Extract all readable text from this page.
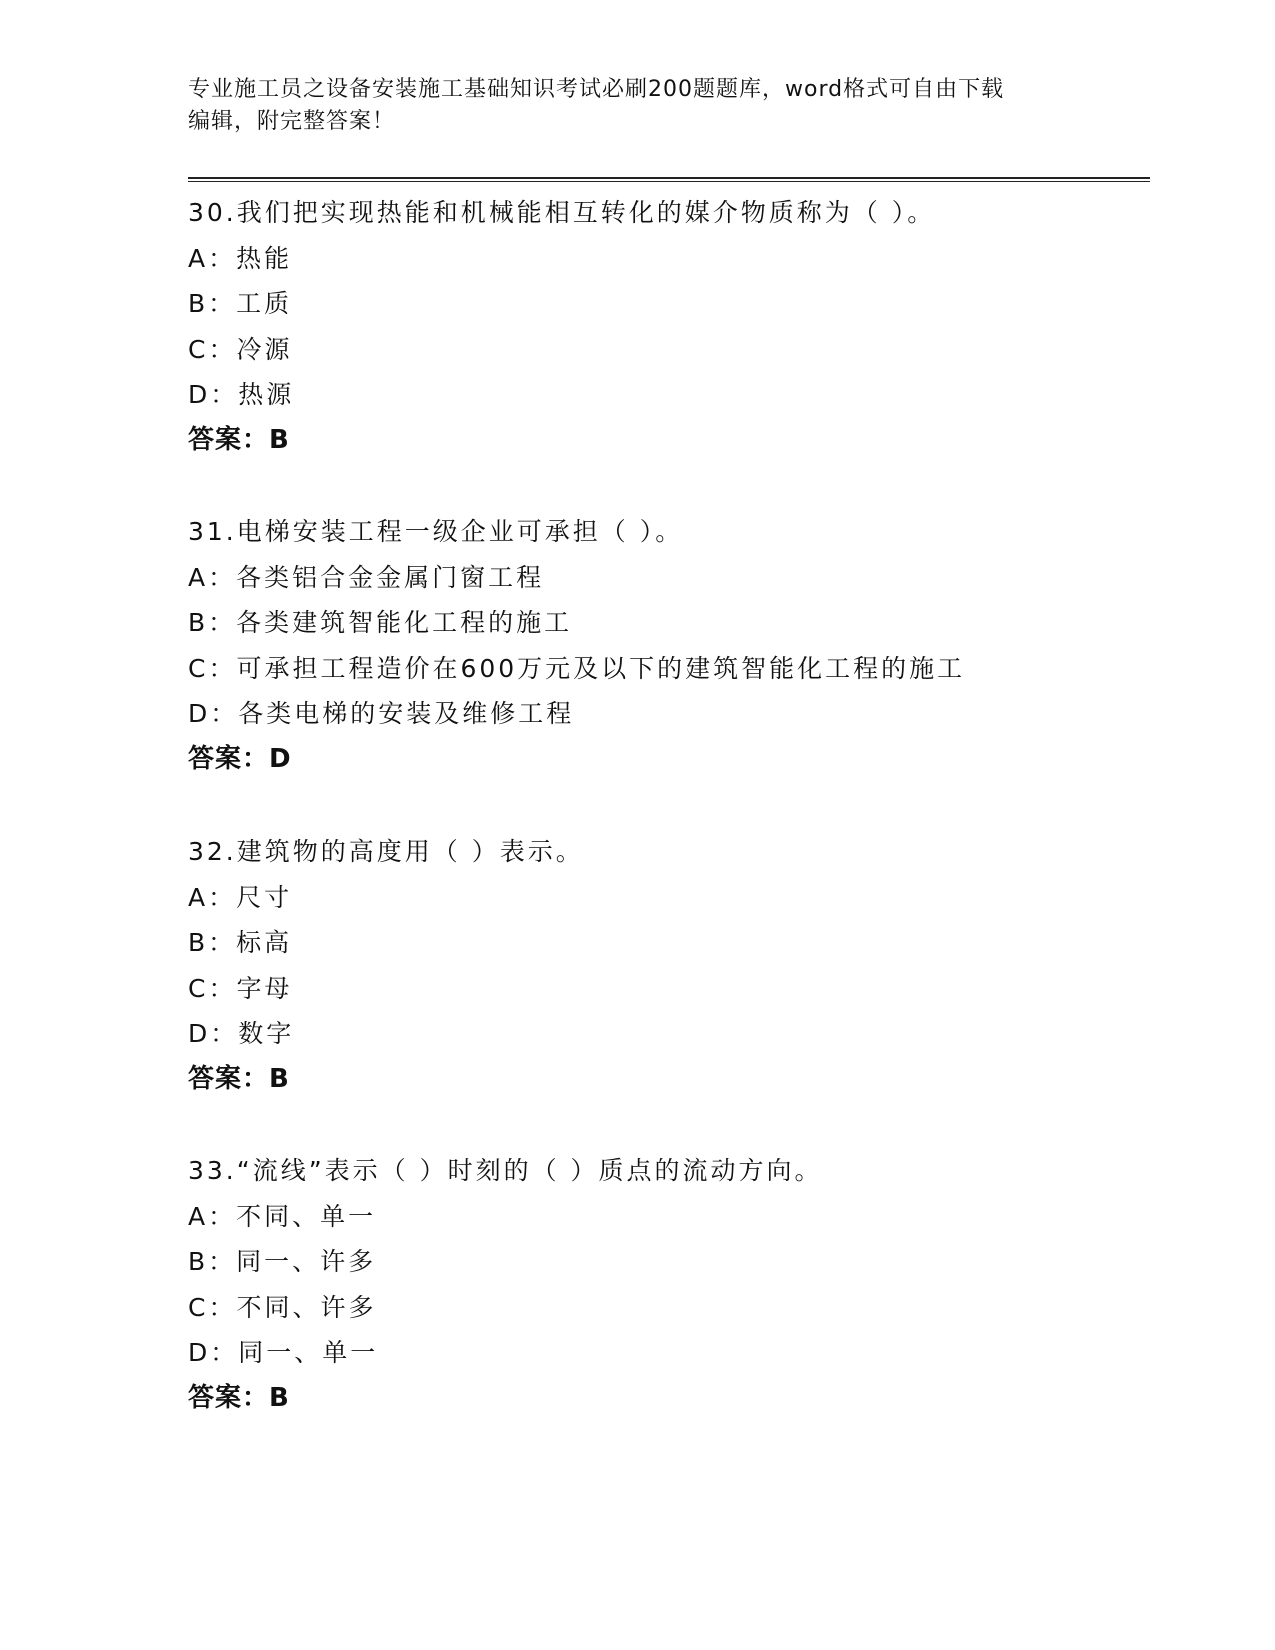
专业施工员之设备安装施工基础知识考试必刷200题题库，word格式可自由下载
编辑，附完整答案！
30.我们把实现热能和机械能相互转化的媒介物质称为（ ）。
A：热能
B：工质
C：冷源
D：热源
答案：B
31.电梯安装工程一级企业可承担（ ）。
A：各类铝合金金属门窗工程
B：各类建筑智能化工程的施工
C：可承担工程造价在600万元及以下的建筑智能化工程的施工
D：各类电梯的安装及维修工程
答案：D
32.建筑物的高度用（ ）表示。
A：尺寸
B：标高
C：字母
D：数字
答案：B
33.“流线”表示（ ）时刻的（ ）质点的流动方向。
A：不同、单一
B：同一、许多
C：不同、许多
D：同一、单一
答案：B
